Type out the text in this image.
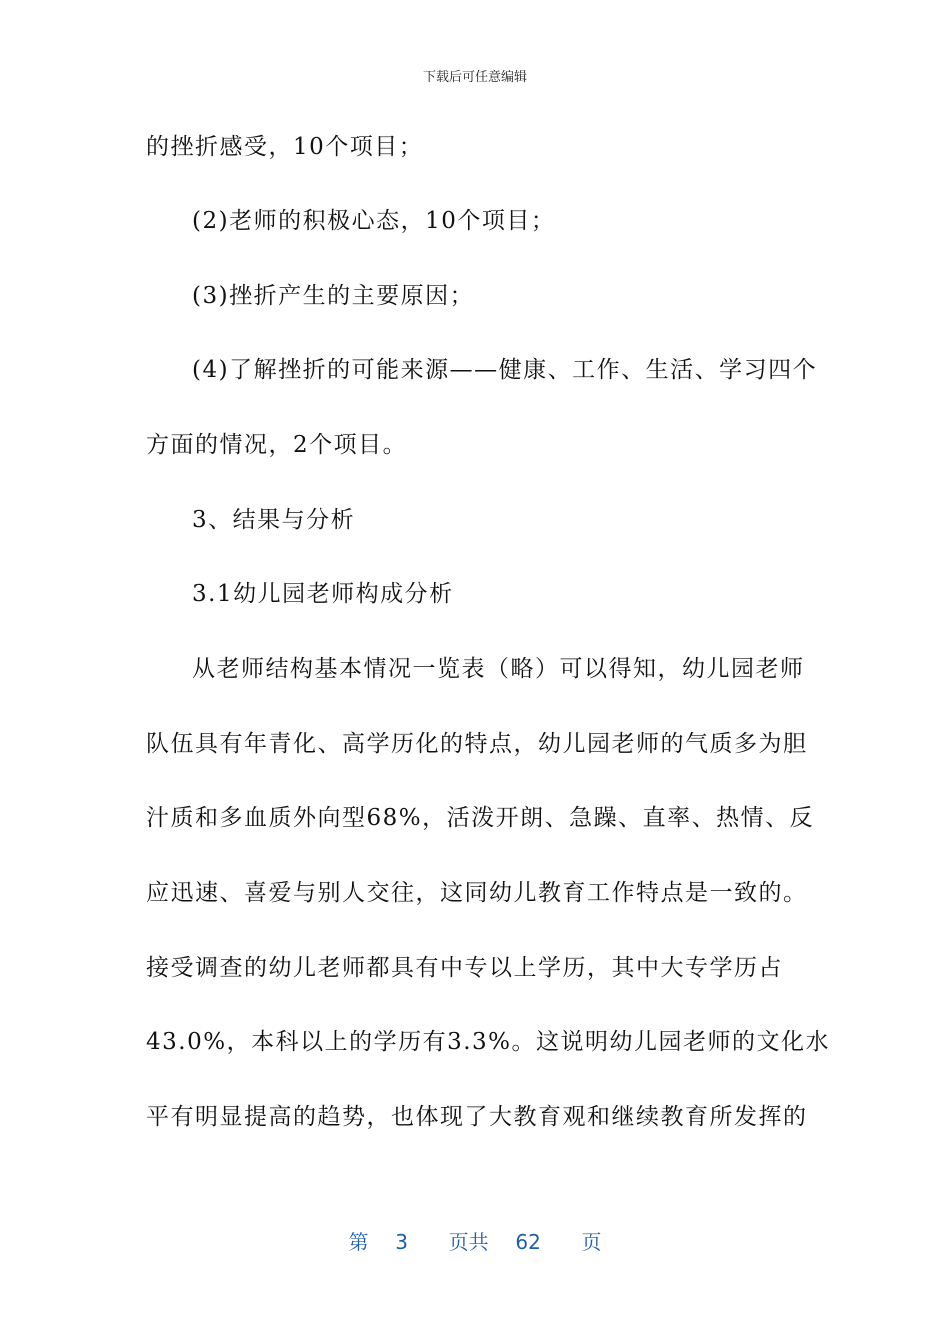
下载后可任意编辑
的挫折感受，10个项目；
(2)老师的积极心态，10个项目；
(3)挫折产生的主要原因；
(4)了解挫折的可能来源——健康、工作、生活、学习四个
方面的情况，2个项目。
3、结果与分析
3.1幼儿园老师构成分析
从老师结构基本情况一览表（略）可以得知，幼儿园老师
队伍具有年青化、高学历化的特点，幼儿园老师的气质多为胆
汁质和多血质外向型68%，活泼开朗、急躁、直率、热情、反
应迅速、喜爱与别人交往，这同幼儿教育工作特点是一致的。
接受调查的幼儿老师都具有中专以上学历，其中大专学历占
43.0%，本科以上的学历有3.3%。这说明幼儿园老师的文化水
平有明显提高的趋势，也体现了大教育观和继续教育所发挥的
第 3 页共 62 页
